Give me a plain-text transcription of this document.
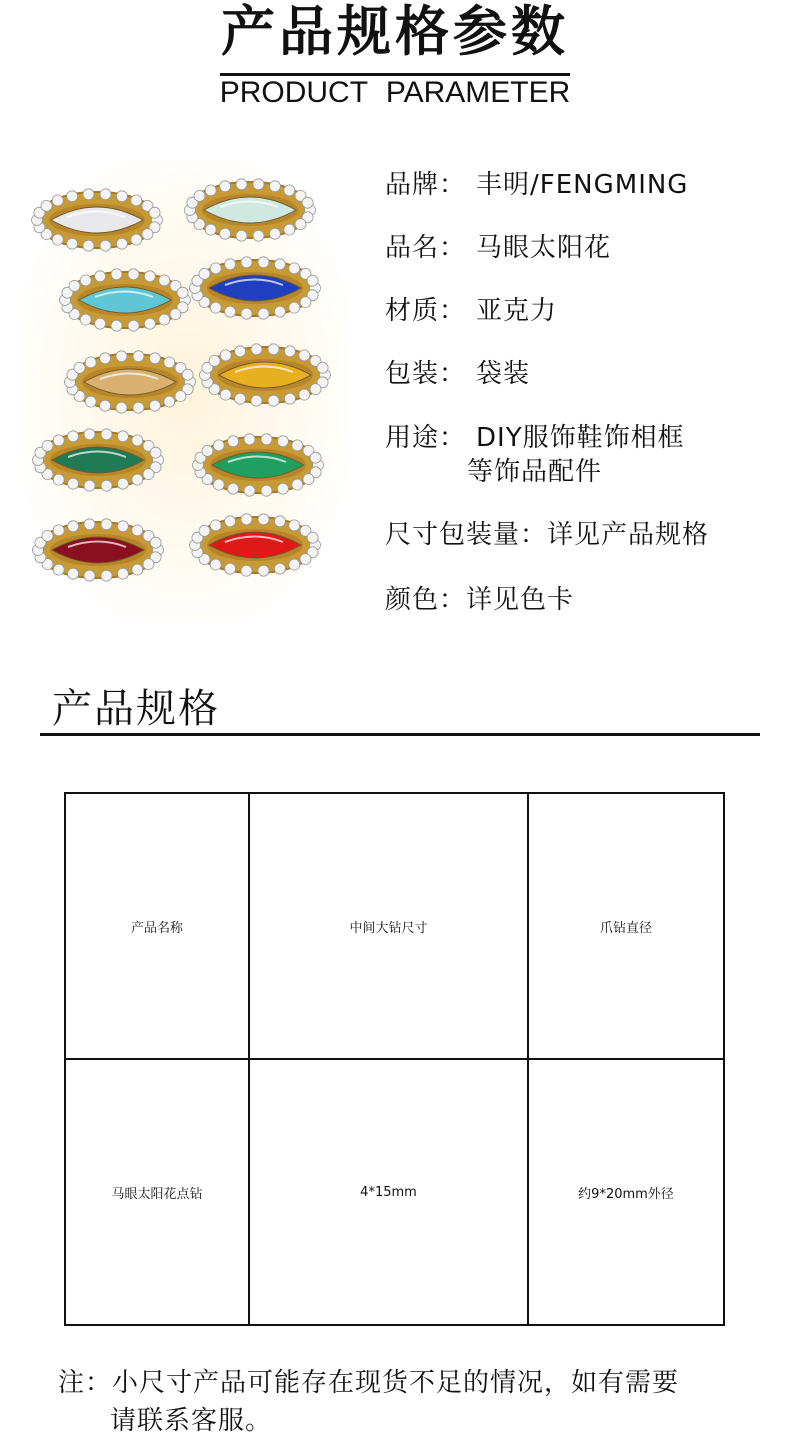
产品规格参数
PRODUCT PARAMETER
品牌： 丰明/FENGMING
品名： 马眼太阳花
材质： 亚克力
包装： 袋装
用途： DIY服饰鞋饰相框
等饰品配件
尺寸包装量：详见产品规格
颜色：详见色卡
产品规格
产品名称	中间大钻尺寸	爪钻直径
马眼太阳花点钻	4*15mm	约9*20mm外径
注：小尺寸产品可能存在现货不足的情况，如有需要
请联系客服。
